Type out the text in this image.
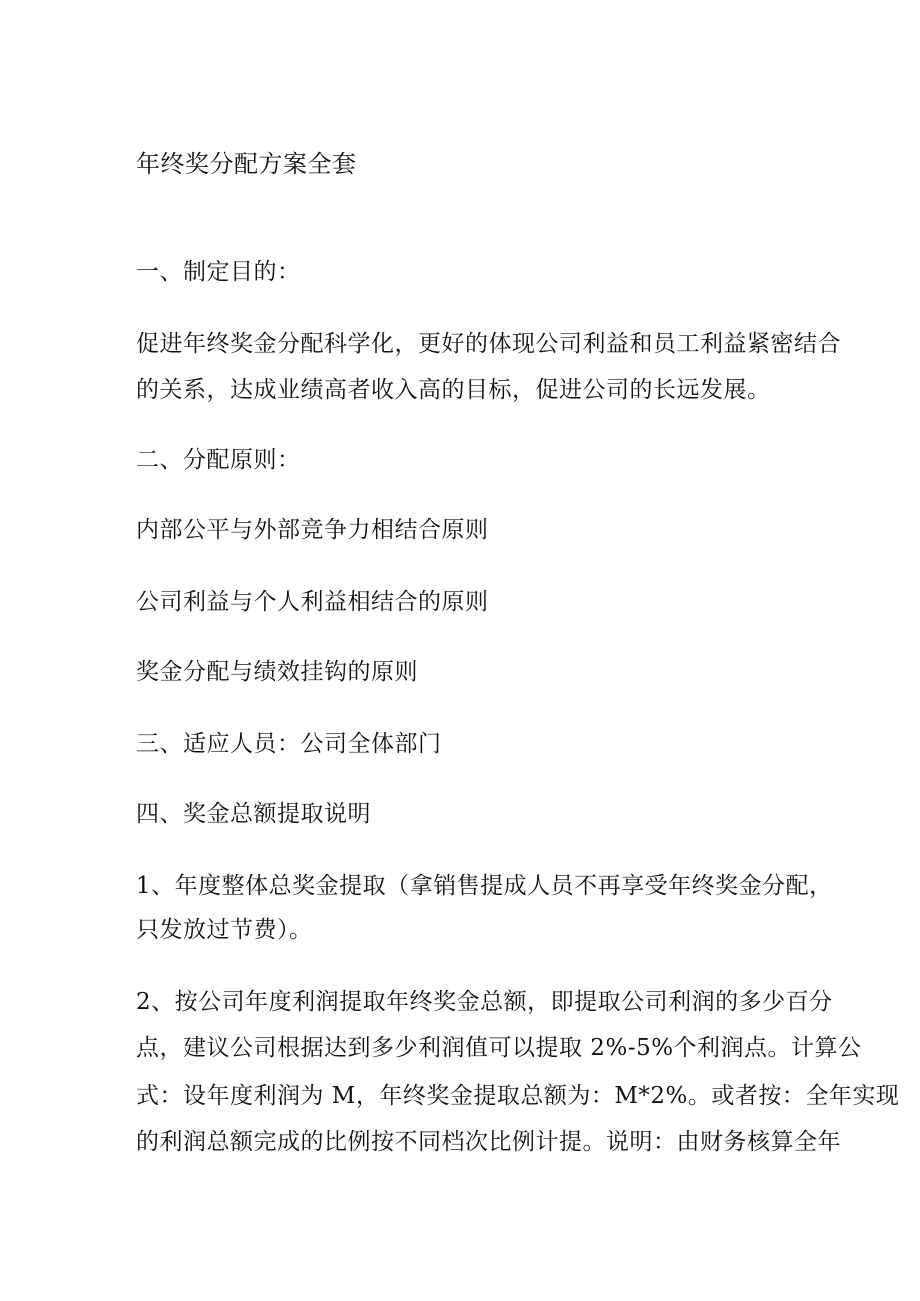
年终奖分配方案全套
一、制定目的：
促进年终奖金分配科学化，更好的体现公司利益和员工利益紧密结合
的关系，达成业绩高者收入高的目标，促进公司的长远发展。
二、分配原则：
内部公平与外部竞争力相结合原则
公司利益与个人利益相结合的原则
奖金分配与绩效挂钩的原则
三、适应人员：公司全体部门
四、奖金总额提取说明
1、年度整体总奖金提取（拿销售提成人员不再享受年终奖金分配，
只发放过节费）。
2、按公司年度利润提取年终奖金总额，即提取公司利润的多少百分
点，建议公司根据达到多少利润值可以提取 2%-5%个利润点。计算公
式：设年度利润为 M，年终奖金提取总额为：M*2%。或者按：全年实现
的利润总额完成的比例按不同档次比例计提。说明：由财务核算全年
